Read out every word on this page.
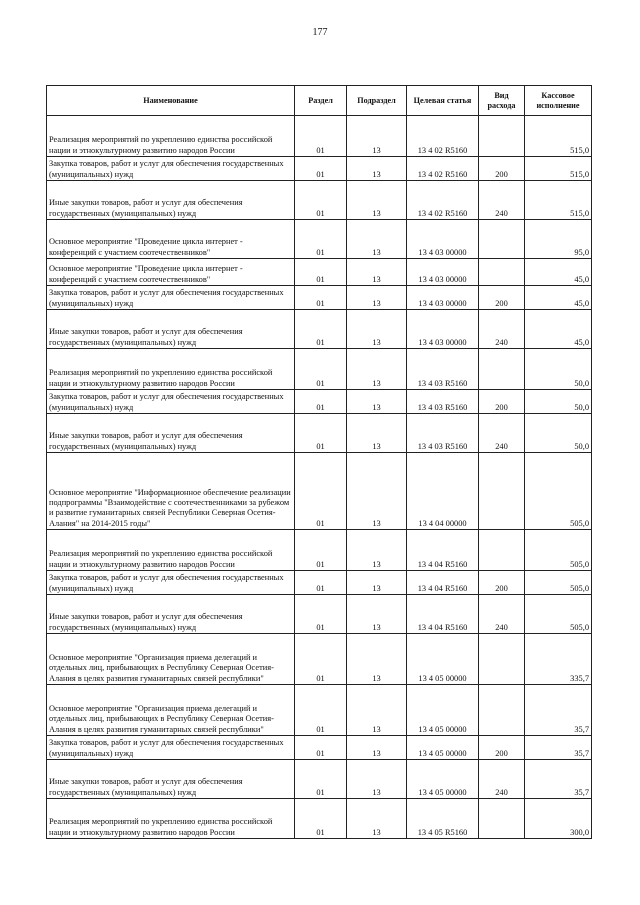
177
Наименование	Раздел	Подраздел	Целевая статья	Вид расхода	Кассовое исполнение
Реализация мероприятий по укреплению единства российской нации и этнокультурному развитию народов России	01	13	13 4 02 R5160		515,0
Закупка товаров, работ и услуг для обеспечения государственных (муниципальных) нужд	01	13	13 4 02 R5160	200	515,0
Иные закупки товаров, работ и услуг для обеспечения государственных (муниципальных) нужд	01	13	13 4 02 R5160	240	515,0
Основное мероприятие "Проведение цикла интернет - конференций с участием соотечественников"	01	13	13 4 03 00000		95,0
Основное мероприятие "Проведение цикла интернет - конференций с участием соотечественников"	01	13	13 4 03 00000		45,0
Закупка товаров, работ и услуг для обеспечения государственных (муниципальных) нужд	01	13	13 4 03 00000	200	45,0
Иные закупки товаров, работ и услуг для обеспечения государственных (муниципальных) нужд	01	13	13 4 03 00000	240	45,0
Реализация мероприятий по укреплению единства российской нации и этнокультурному развитию народов России	01	13	13 4 03 R5160		50,0
Закупка товаров, работ и услуг для обеспечения государственных (муниципальных) нужд	01	13	13 4 03 R5160	200	50,0
Иные закупки товаров, работ и услуг для обеспечения государственных (муниципальных) нужд	01	13	13 4 03 R5160	240	50,0
Основное мероприятие "Информационное обеспечение реализации подпрограммы "Взаимодействие с соотечественниками за рубежом и развитие гуманитарных связей Республики Северная Осетия-Алания" на 2014-2015 годы"	01	13	13 4 04 00000		505,0
Реализация мероприятий по укреплению единства российской нации и этнокультурному развитию народов России	01	13	13 4 04 R5160		505,0
Закупка товаров, работ и услуг для обеспечения государственных (муниципальных) нужд	01	13	13 4 04 R5160	200	505,0
Иные закупки товаров, работ и услуг для обеспечения государственных (муниципальных) нужд	01	13	13 4 04 R5160	240	505,0
Основное мероприятие "Организация приема делегаций и отдельных лиц, прибывающих в Республику Северная Осетия-Алания в целях развития гуманитарных связей республики"	01	13	13 4 05 00000		335,7
Основное мероприятие "Организация приема делегаций и отдельных лиц, прибывающих в Республику Северная Осетия-Алания в целях развития гуманитарных связей республики"	01	13	13 4 05 00000		35,7
Закупка товаров, работ и услуг для обеспечения государственных (муниципальных) нужд	01	13	13 4 05 00000	200	35,7
Иные закупки товаров, работ и услуг для обеспечения государственных (муниципальных) нужд	01	13	13 4 05 00000	240	35,7
Реализация мероприятий по укреплению единства российской нации и этнокультурному развитию народов России	01	13	13 4 05 R5160		300,0
